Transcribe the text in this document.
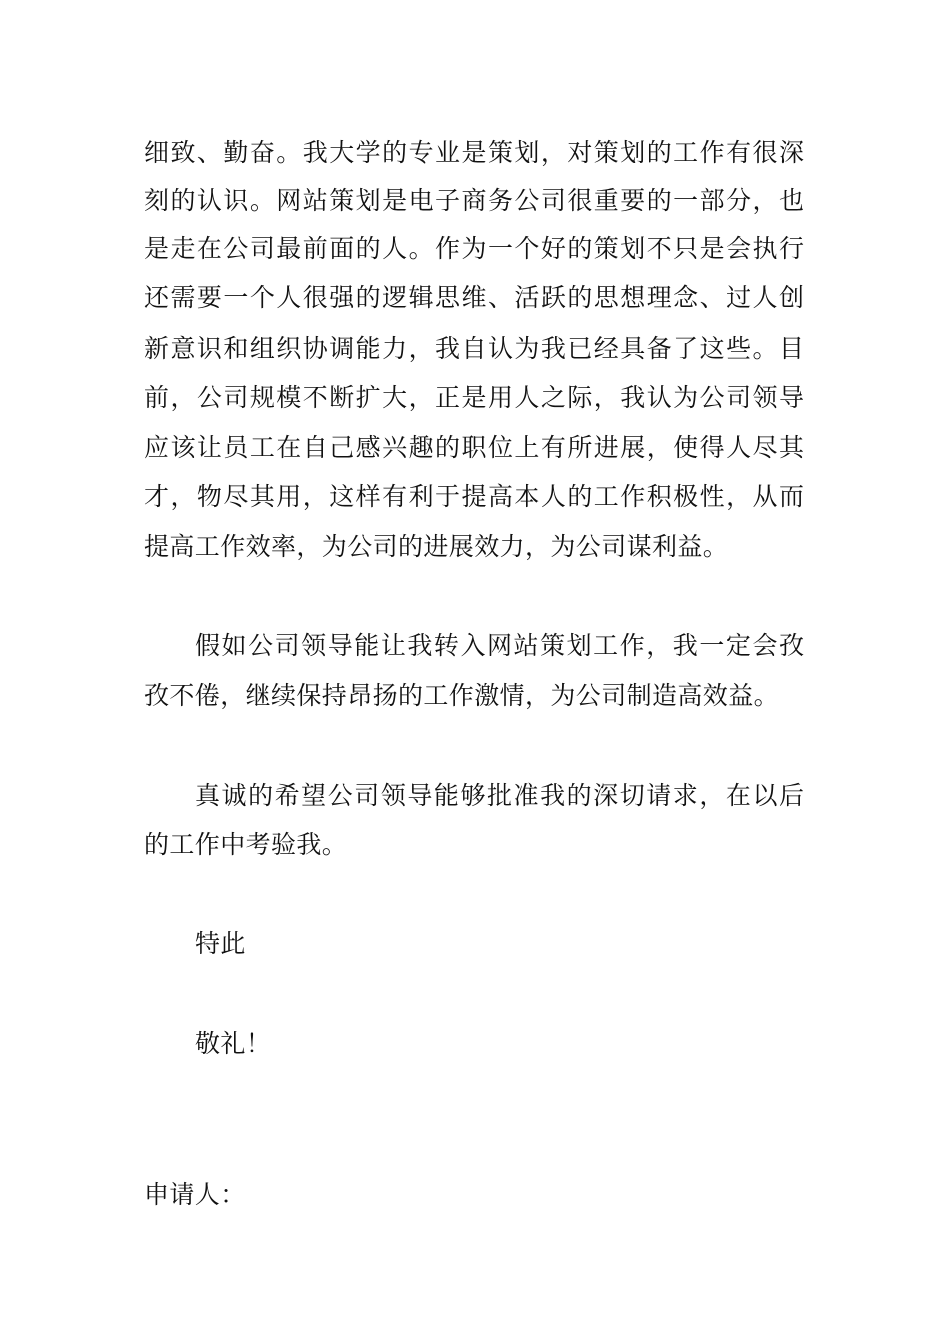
细致、勤奋。我大学的专业是策划，对策划的工作有很深
刻的认识。网站策划是电子商务公司很重要的一部分，也
是走在公司最前面的人。作为一个好的策划不只是会执行
还需要一个人很强的逻辑思维、活跃的思想理念、过人创
新意识和组织协调能力，我自认为我已经具备了这些。目
前，公司规模不断扩大，正是用人之际，我认为公司领导
应该让员工在自己感兴趣的职位上有所进展，使得人尽其
才，物尽其用，这样有利于提高本人的工作积极性，从而
提高工作效率，为公司的进展效力，为公司谋利益。
假如公司领导能让我转入网站策划工作，我一定会孜
孜不倦，继续保持昂扬的工作激情，为公司制造高效益。
真诚的希望公司领导能够批准我的深切请求，在以后
的工作中考验我。
特此
敬礼！
申请人：
